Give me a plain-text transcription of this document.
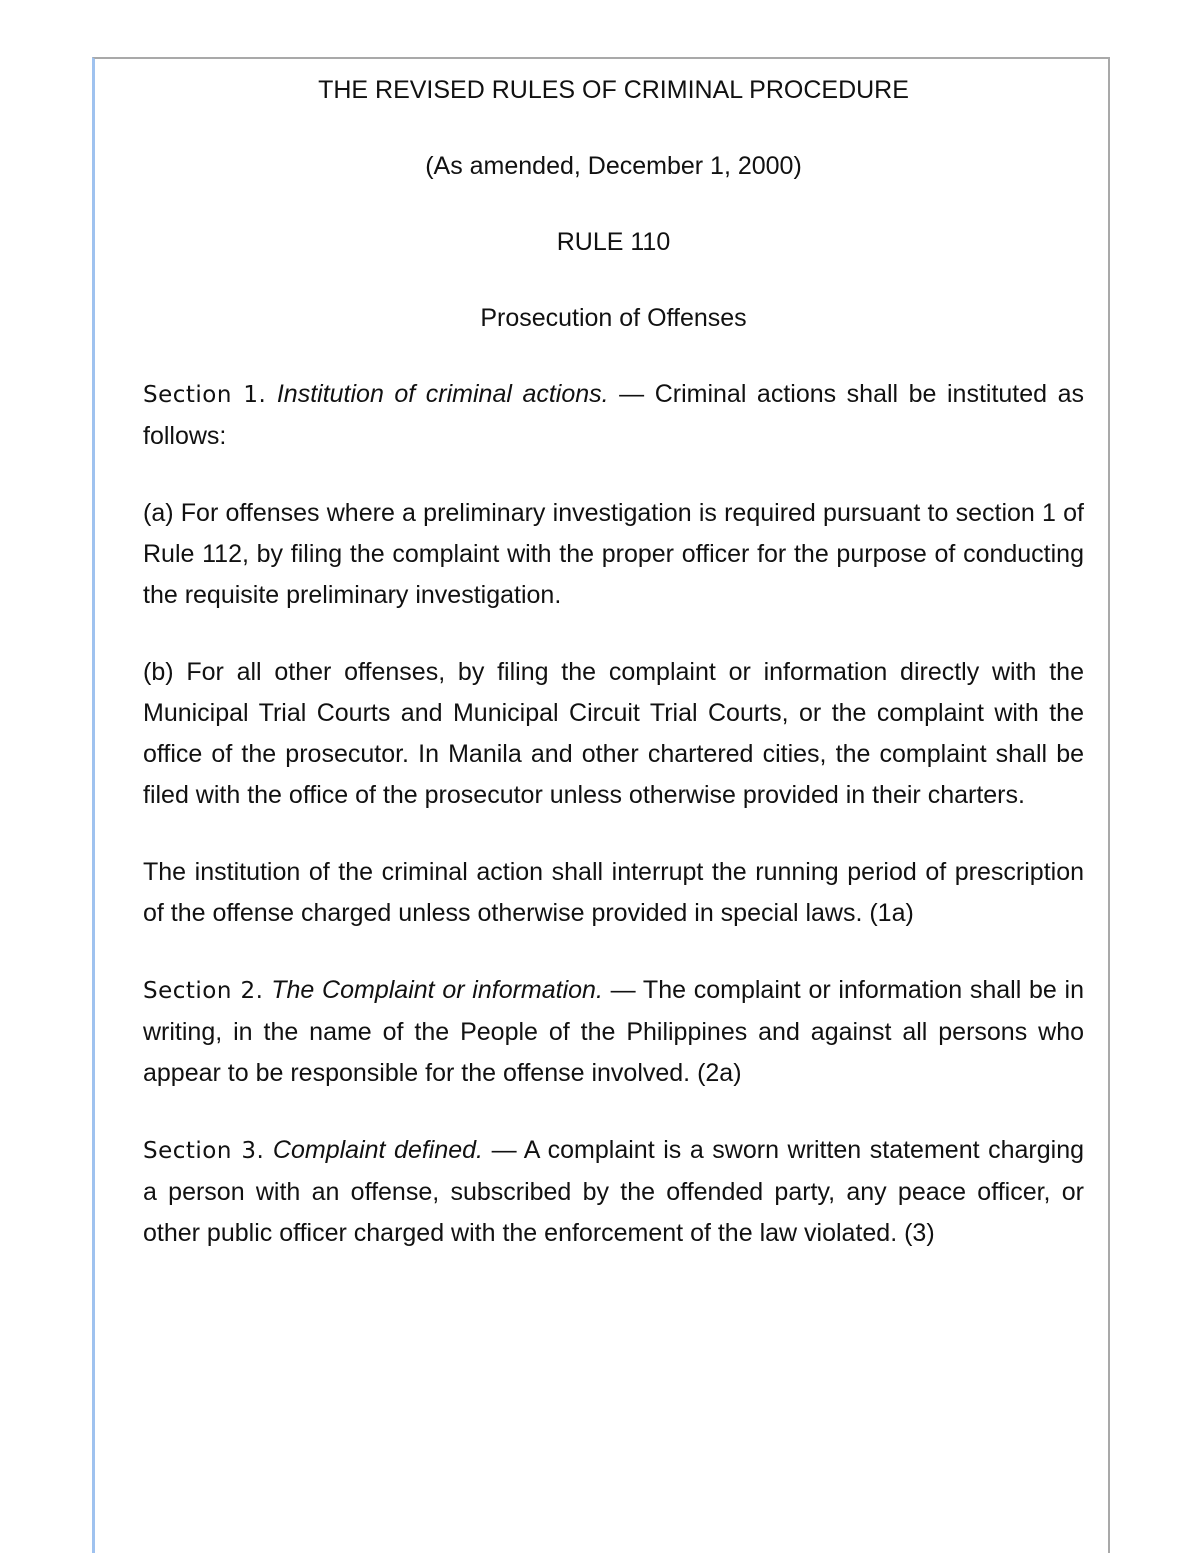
THE REVISED RULES OF CRIMINAL PROCEDURE

(As amended, December 1, 2000)

RULE 110

Prosecution of Offenses

Section 1. Institution of criminal actions. — Criminal actions shall be instituted as follows:

(a) For offenses where a preliminary investigation is required pursuant to section 1 of Rule 112, by filing the complaint with the proper officer for the purpose of conducting the requisite preliminary investigation.

(b) For all other offenses, by filing the complaint or information directly with the Municipal Trial Courts and Municipal Circuit Trial Courts, or the complaint with the office of the prosecutor. In Manila and other chartered cities, the complaint shall be filed with the office of the prosecutor unless otherwise provided in their charters.

The institution of the criminal action shall interrupt the running period of prescription of the offense charged unless otherwise provided in special laws. (1a)

Section 2. The Complaint or information. — The complaint or information shall be in writing, in the name of the People of the Philippines and against all persons who appear to be responsible for the offense involved. (2a)

Section 3. Complaint defined. — A complaint is a sworn written statement charging a person with an offense, subscribed by the offended party, any peace officer, or other public officer charged with the enforcement of the law violated. (3)
